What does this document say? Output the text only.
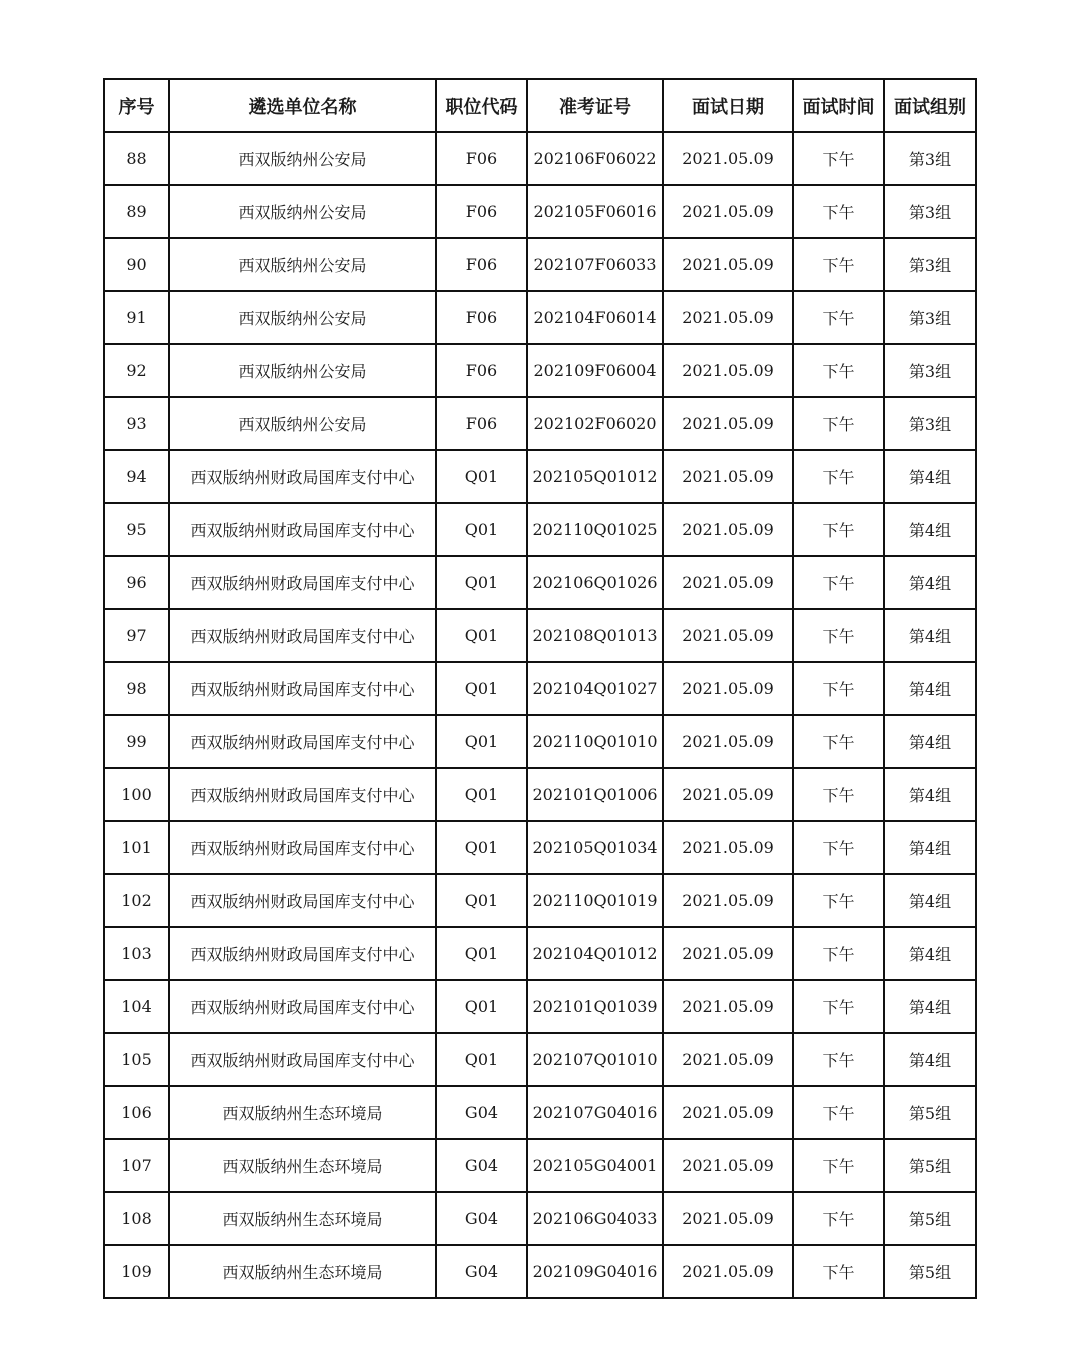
序号	遴选单位名称	职位代码	准考证号	面试日期	面试时间	面试组别
88	西双版纳州公安局	F06	202106F06022	2021.05.09	下午	第3组
89	西双版纳州公安局	F06	202105F06016	2021.05.09	下午	第3组
90	西双版纳州公安局	F06	202107F06033	2021.05.09	下午	第3组
91	西双版纳州公安局	F06	202104F06014	2021.05.09	下午	第3组
92	西双版纳州公安局	F06	202109F06004	2021.05.09	下午	第3组
93	西双版纳州公安局	F06	202102F06020	2021.05.09	下午	第3组
94	西双版纳州财政局国库支付中心	Q01	202105Q01012	2021.05.09	下午	第4组
95	西双版纳州财政局国库支付中心	Q01	202110Q01025	2021.05.09	下午	第4组
96	西双版纳州财政局国库支付中心	Q01	202106Q01026	2021.05.09	下午	第4组
97	西双版纳州财政局国库支付中心	Q01	202108Q01013	2021.05.09	下午	第4组
98	西双版纳州财政局国库支付中心	Q01	202104Q01027	2021.05.09	下午	第4组
99	西双版纳州财政局国库支付中心	Q01	202110Q01010	2021.05.09	下午	第4组
100	西双版纳州财政局国库支付中心	Q01	202101Q01006	2021.05.09	下午	第4组
101	西双版纳州财政局国库支付中心	Q01	202105Q01034	2021.05.09	下午	第4组
102	西双版纳州财政局国库支付中心	Q01	202110Q01019	2021.05.09	下午	第4组
103	西双版纳州财政局国库支付中心	Q01	202104Q01012	2021.05.09	下午	第4组
104	西双版纳州财政局国库支付中心	Q01	202101Q01039	2021.05.09	下午	第4组
105	西双版纳州财政局国库支付中心	Q01	202107Q01010	2021.05.09	下午	第4组
106	西双版纳州生态环境局	G04	202107G04016	2021.05.09	下午	第5组
107	西双版纳州生态环境局	G04	202105G04001	2021.05.09	下午	第5组
108	西双版纳州生态环境局	G04	202106G04033	2021.05.09	下午	第5组
109	西双版纳州生态环境局	G04	202109G04016	2021.05.09	下午	第5组
